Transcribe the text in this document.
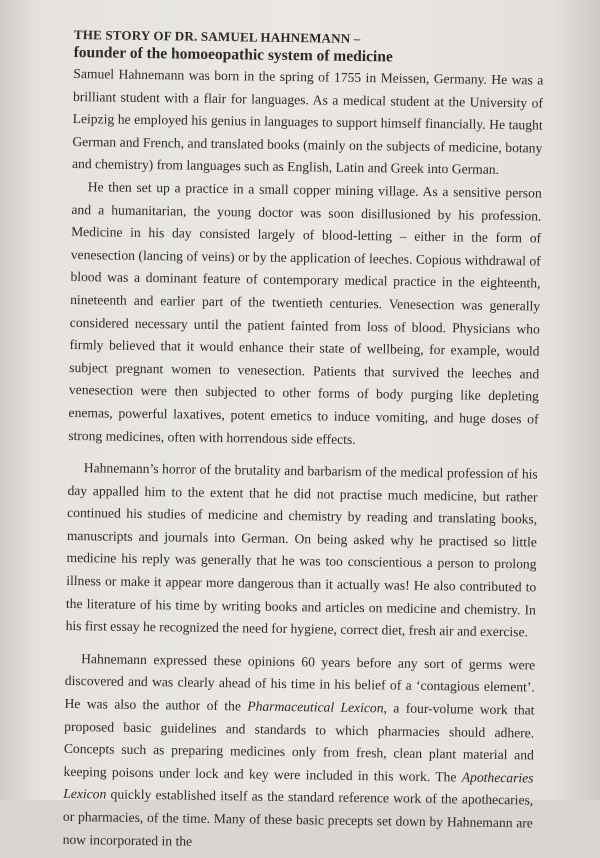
THE STORY OF DR. SAMUEL HAHNEMANN –
founder of the homoeopathic system of medicine

Samuel Hahnemann was born in the spring of 1755 in Meissen, Germany. He was a brilliant student with a flair for languages. As a medical student at the University of Leipzig he employed his genius in languages to support himself financially. He taught German and French, and translated books (mainly on the subjects of medicine, botany and chemistry) from languages such as English, Latin and Greek into German.

He then set up a practice in a small copper mining village. As a sensitive person and a humanitarian, the young doctor was soon disillusioned by his profession. Medicine in his day consisted largely of blood-letting – either in the form of venesection (lancing of veins) or by the application of leeches. Copious withdrawal of blood was a dominant feature of contemporary medical practice in the eighteenth, nineteenth and earlier part of the twentieth centuries. Venesection was generally considered necessary until the patient fainted from loss of blood. Physicians who firmly believed that it would enhance their state of wellbeing, for example, would subject pregnant women to venesection. Patients that survived the leeches and venesection were then subjected to other forms of body purging like depleting enemas, powerful laxatives, potent emetics to induce vomiting, and huge doses of strong medicines, often with horrendous side effects.

Hahnemann’s horror of the brutality and barbarism of the medical profession of his day appalled him to the extent that he did not practise much medicine, but rather continued his studies of medicine and chemistry by reading and translating books, manuscripts and journals into German. On being asked why he practised so little medicine his reply was generally that he was too conscientious a person to prolong illness or make it appear more dangerous than it actually was! He also contributed to the literature of his time by writing books and articles on medicine and chemistry. In his first essay he recognized the need for hygiene, correct diet, fresh air and exercise.

Hahnemann expressed these opinions 60 years before any sort of germs were discovered and was clearly ahead of his time in his belief of a ‘contagious element’. He was also the author of the Pharmaceutical Lexicon, a four-volume work that proposed basic guidelines and standards to which pharmacies should adhere. Concepts such as preparing medicines only from fresh, clean plant material and keeping poisons under lock and key were included in this work. The Apothecaries Lexicon quickly established itself as the standard reference work of the apothecaries, or pharmacies, of the time. Many of these basic precepts set down by Hahnemann are now incorporated in the
